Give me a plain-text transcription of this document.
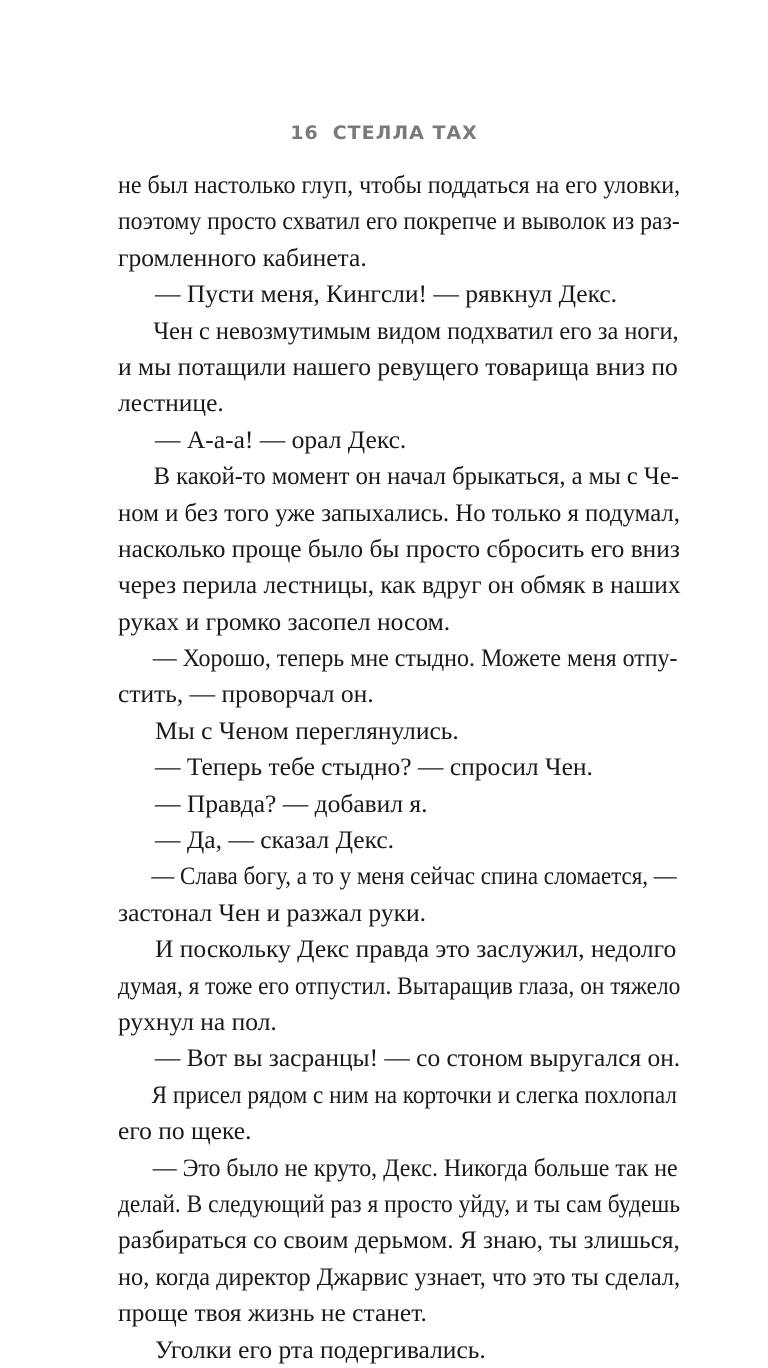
16 СТЕЛЛА ТАХ
не был настолько глуп, чтобы поддаться на его уловки,
поэтому просто схватил его покрепче и выволок из раз-
громленного кабинета.
— Пусти меня, Кингсли! — рявкнул Декс.
Чен с невозмутимым видом подхватил его за ноги,
и мы потащили нашего ревущего товарища вниз по
лестнице.
— А-а-а! — орал Декс.
В какой-то момент он начал брыкаться, а мы с Че-
ном и без того уже запыхались. Но только я подумал,
насколько проще было бы просто сбросить его вниз
через перила лестницы, как вдруг он обмяк в наших
руках и громко засопел носом.
— Хорошо, теперь мне стыдно. Можете меня отпу-
стить, — проворчал он.
Мы с Ченом переглянулись.
— Теперь тебе стыдно? — спросил Чен.
— Правда? — добавил я.
— Да, — сказал Декс.
— Слава богу, а то у меня сейчас спина сломается, —
застонал Чен и разжал руки.
И поскольку Декс правда это заслужил, недолго
думая, я тоже его отпустил. Вытаращив глаза, он тяжело
рухнул на пол.
— Вот вы засранцы! — со стоном выругался он.
Я присел рядом с ним на корточки и слегка похлопал
его по щеке.
— Это было не круто, Декс. Никогда больше так не
делай. В следующий раз я просто уйду, и ты сам будешь
разбираться со своим дерьмом. Я знаю, ты злишься,
но, когда директор Джарвис узнает, что это ты сделал,
проще твоя жизнь не станет.
Уголки его рта подергивались.
